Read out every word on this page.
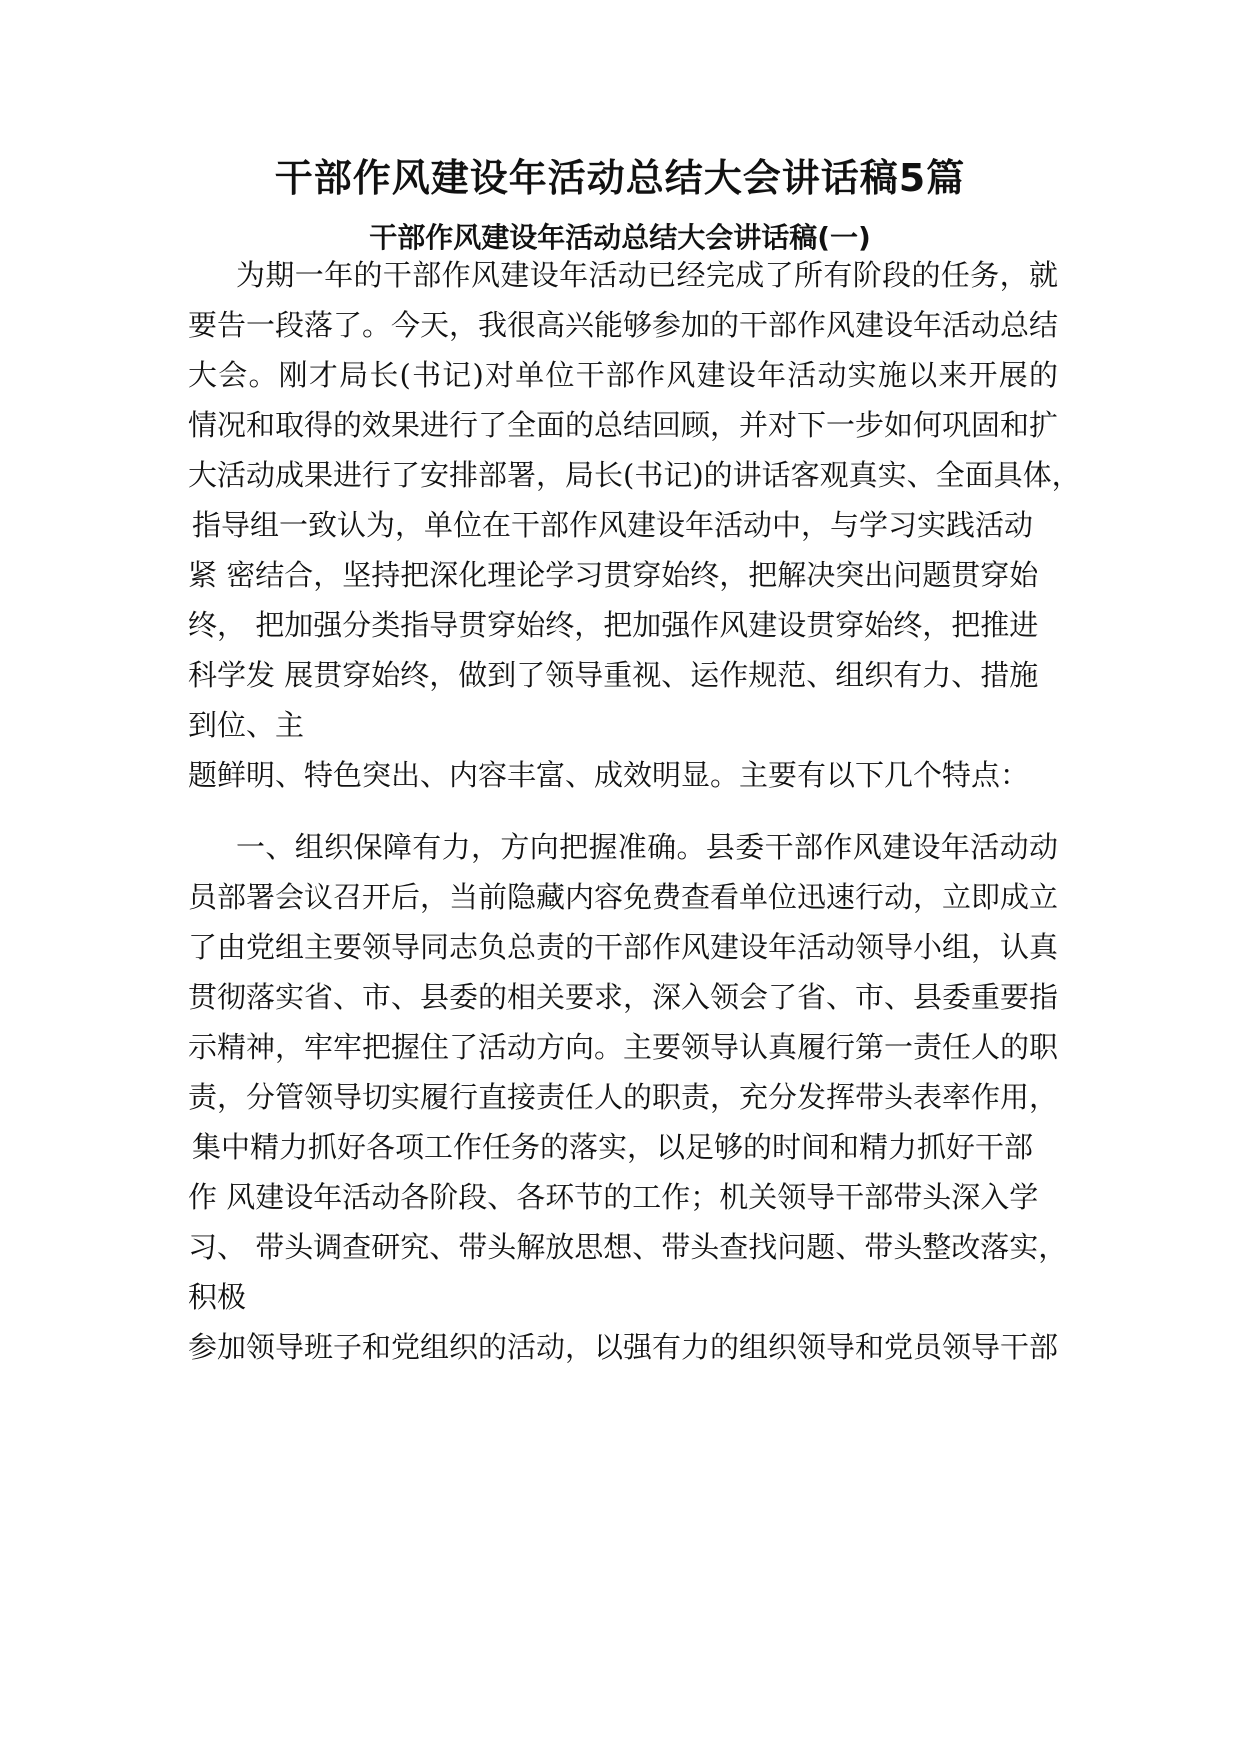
干部作风建设年活动总结大会讲话稿5篇
干部作风建设年活动总结大会讲话稿(一)
为期一年的干部作风建设年活动已经完成了所有阶段的任务，就
要告一段落了。今天，我很高兴能够参加的干部作风建设年活动总结
大会。刚才局长(书记)对单位干部作风建设年活动实施以来开展的
情况和取得的效果进行了全面的总结回顾，并对下一步如何巩固和扩
大活动成果进行了安排部署，局长(书记)的讲话客观真实、全面具体，
指导组一致认为，单位在干部作风建设年活动中，与学习实践活动
紧 密结合，坚持把深化理论学习贯穿始终，把解决突出问题贯穿始
终， 把加强分类指导贯穿始终，把加强作风建设贯穿始终，把推进
科学发 展贯穿始终，做到了领导重视、运作规范、组织有力、措施
到位、主
题鲜明、特色突出、内容丰富、成效明显。主要有以下几个特点：
一、组织保障有力，方向把握准确。县委干部作风建设年活动动
员部署会议召开后，当前隐藏内容免费查看单位迅速行动，立即成立
了由党组主要领导同志负总责的干部作风建设年活动领导小组，认真
贯彻落实省、市、县委的相关要求，深入领会了省、市、县委重要指
示精神，牢牢把握住了活动方向。主要领导认真履行第一责任人的职
责，分管领导切实履行直接责任人的职责，充分发挥带头表率作用，
集中精力抓好各项工作任务的落实，以足够的时间和精力抓好干部
作 风建设年活动各阶段、各环节的工作；机关领导干部带头深入学
习、 带头调查研究、带头解放思想、带头查找问题、带头整改落实，
积极
参加领导班子和党组织的活动，以强有力的组织领导和党员领导干部
